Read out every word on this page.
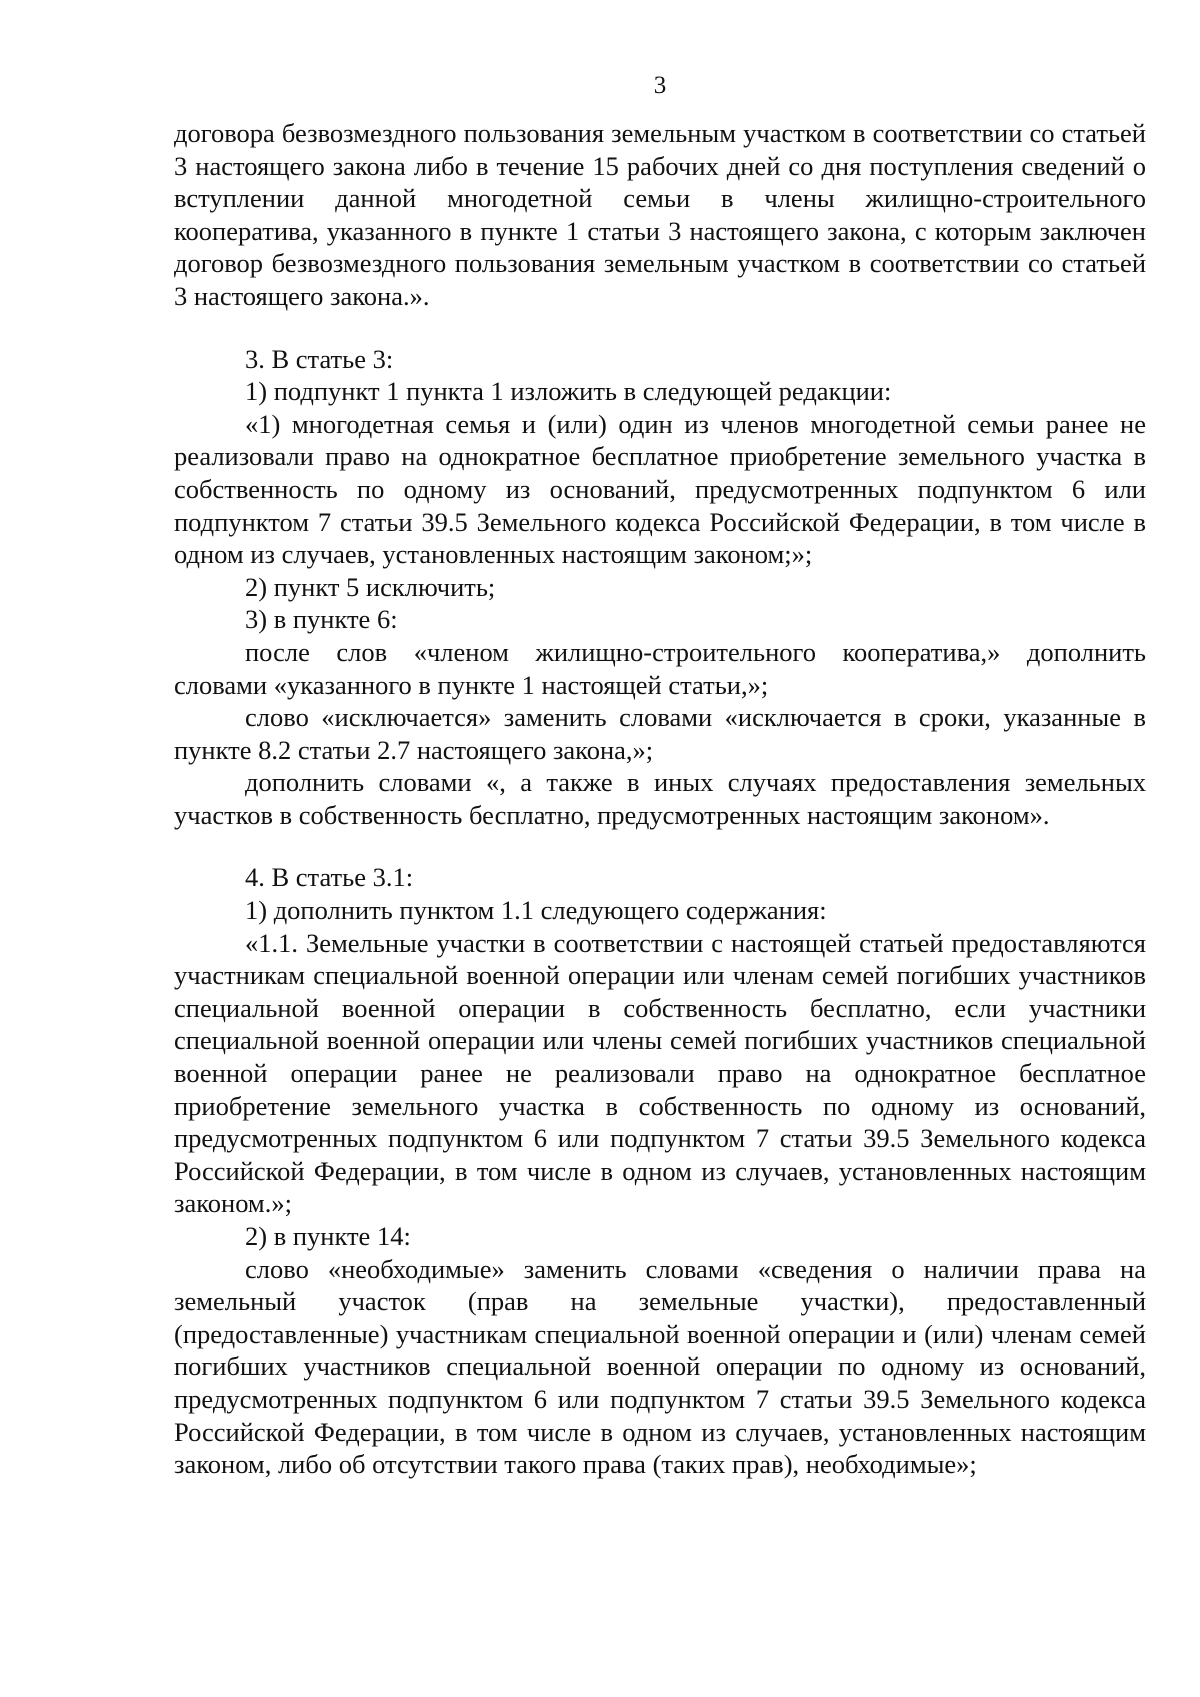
3

договора безвозмездного пользования земельным участком в соответствии со статьей 3 настоящего закона либо в течение 15 рабочих дней со дня поступления сведений о вступлении данной многодетной семьи в члены жилищно-строительного кооператива, указанного в пункте 1 статьи 3 настоящего закона, с которым заключен договор безвозмездного пользования земельным участком в соответствии со статьей 3 настоящего закона.».

3. В статье 3:

1) подпункт 1 пункта 1 изложить в следующей редакции:

«1) многодетная семья и (или) один из членов многодетной семьи ранее не реализовали право на однократное бесплатное приобретение земельного участка в собственность по одному из оснований, предусмотренных подпунктом 6 или подпунктом 7 статьи 39.5 Земельного кодекса Российской Федерации, в том числе в одном из случаев, установленных настоящим законом;»;

2) пункт 5 исключить;

3) в пункте 6:

после слов «членом жилищно-строительного кооператива,» дополнить словами «указанного в пункте 1 настоящей статьи,»;

слово «исключается» заменить словами «исключается в сроки, указанные в пункте 8.2 статьи 2.7 настоящего закона,»;

дополнить словами «, а также в иных случаях предоставления земельных участков в собственность бесплатно, предусмотренных настоящим законом».

4. В статье 3.1:

1) дополнить пунктом 1.1 следующего содержания:

«1.1. Земельные участки в соответствии с настоящей статьей предоставляются участникам специальной военной операции или членам семей погибших участников специальной военной операции в собственность бесплатно, если участники специальной военной операции или члены семей погибших участников специальной военной операции ранее не реализовали право на однократное бесплатное приобретение земельного участка в собственность по одному из оснований, предусмотренных подпунктом 6 или подпунктом 7 статьи 39.5 Земельного кодекса Российской Федерации, в том числе в одном из случаев, установленных настоящим законом.»;

2) в пункте 14:

слово «необходимые» заменить словами «сведения о наличии права на земельный участок (прав на земельные участки), предоставленный (предоставленные) участникам специальной военной операции и (или) членам семей погибших участников специальной военной операции по одному из оснований, предусмотренных подпунктом 6 или подпунктом 7 статьи 39.5 Земельного кодекса Российской Федерации, в том числе в одном из случаев, установленных настоящим законом, либо об отсутствии такого права (таких прав), необходимые»;
